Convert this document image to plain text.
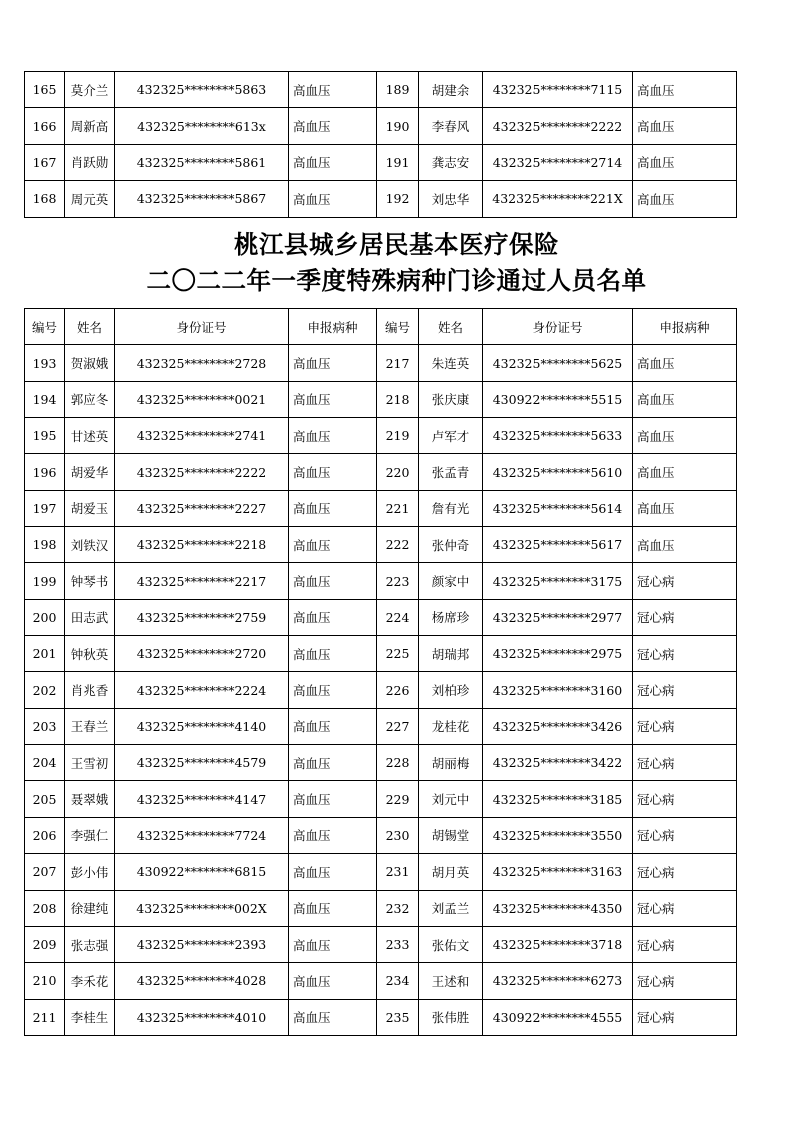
165	莫介兰	432325********5863	高血压	189	胡建余	432325********7115	高血压
166	周新高	432325********613x	高血压	190	李春风	432325********2222	高血压
167	肖跃勋	432325********5861	高血压	191	龚志安	432325********2714	高血压
168	周元英	432325********5867	高血压	192	刘忠华	432325********221X	高血压
桃江县城乡居民基本医疗保险
二〇二二年一季度特殊病种门诊通过人员名单
编号	姓名	身份证号	申报病种	编号	姓名	身份证号	申报病种
193	贺淑娥	432325********2728	高血压	217	朱连英	432325********5625	高血压
194	郭应冬	432325********0021	高血压	218	张庆康	430922********5515	高血压
195	甘述英	432325********2741	高血压	219	卢军才	432325********5633	高血压
196	胡爱华	432325********2222	高血压	220	张孟青	432325********5610	高血压
197	胡爱玉	432325********2227	高血压	221	詹有光	432325********5614	高血压
198	刘铁汉	432325********2218	高血压	222	张仲奇	432325********5617	高血压
199	钟琴书	432325********2217	高血压	223	颜家中	432325********3175	冠心病
200	田志武	432325********2759	高血压	224	杨席珍	432325********2977	冠心病
201	钟秋英	432325********2720	高血压	225	胡瑞邦	432325********2975	冠心病
202	肖兆香	432325********2224	高血压	226	刘柏珍	432325********3160	冠心病
203	王春兰	432325********4140	高血压	227	龙桂花	432325********3426	冠心病
204	王雪初	432325********4579	高血压	228	胡丽梅	432325********3422	冠心病
205	聂翠娥	432325********4147	高血压	229	刘元中	432325********3185	冠心病
206	李强仁	432325********7724	高血压	230	胡锡堂	432325********3550	冠心病
207	彭小伟	430922********6815	高血压	231	胡月英	432325********3163	冠心病
208	徐建纯	432325********002X	高血压	232	刘孟兰	432325********4350	冠心病
209	张志强	432325********2393	高血压	233	张佑文	432325********3718	冠心病
210	李禾花	432325********4028	高血压	234	王述和	432325********6273	冠心病
211	李桂生	432325********4010	高血压	235	张伟胜	430922********4555	冠心病
